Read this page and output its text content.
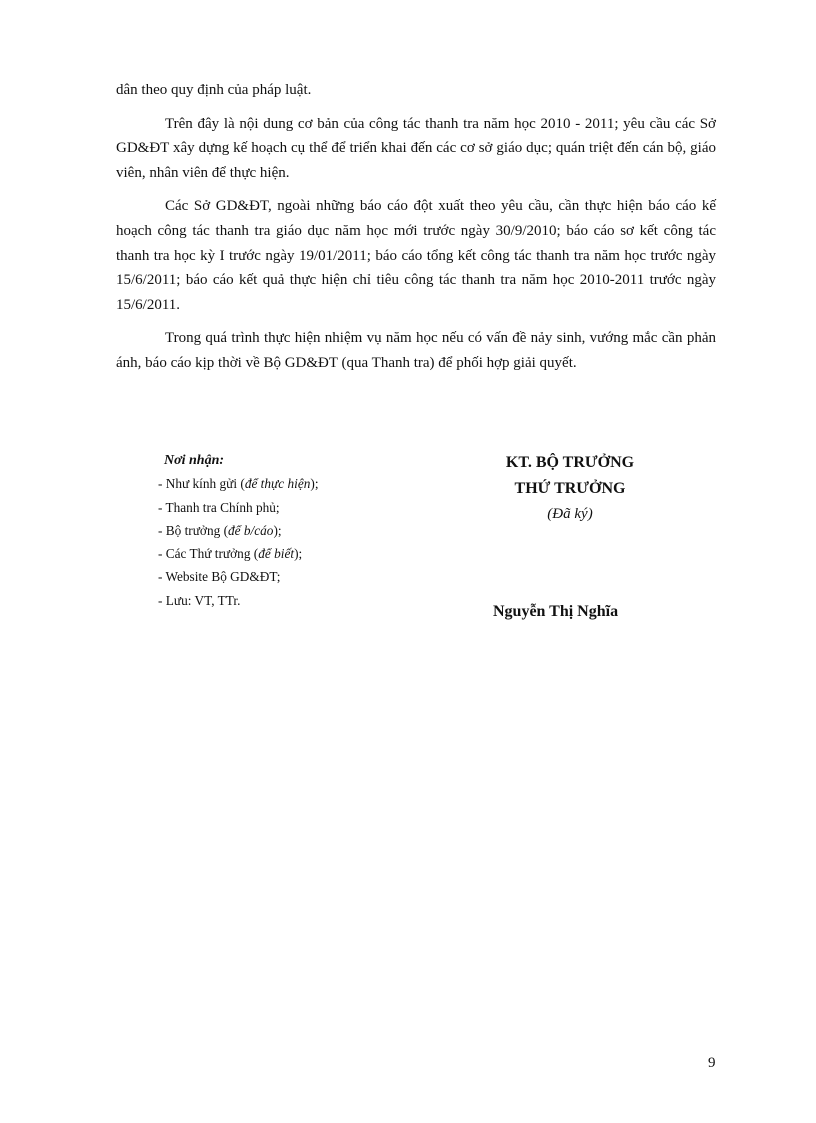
dân theo quy định của pháp luật.

Trên đây là nội dung cơ bản của công tác thanh tra năm học 2010 - 2011; yêu cầu các Sở GD&ĐT xây dựng kế hoạch cụ thể để triển khai đến các cơ sở giáo dục; quán triệt đến cán bộ, giáo viên, nhân viên để thực hiện.

Các Sở GD&ĐT, ngoài những báo cáo đột xuất theo yêu cầu, cần thực hiện báo cáo kế hoạch công tác thanh tra giáo dục năm học mới trước ngày 30/9/2010; báo cáo sơ kết công tác thanh tra học kỳ I trước ngày 19/01/2011; báo cáo tổng kết công tác thanh tra năm học trước ngày 15/6/2011; báo cáo kết quả thực hiện chỉ tiêu công tác thanh tra năm học 2010-2011 trước ngày 15/6/2011.

Trong quá trình thực hiện nhiệm vụ năm học nếu có vấn đề nảy sinh, vướng mắc cần phản ánh, báo cáo kịp thời về Bộ GD&ĐT (qua Thanh tra) để phối hợp giải quyết.

Nơi nhận:
- Như kính gửi (để thực hiện);
- Thanh tra Chính phủ;
- Bộ trưởng (để b/cáo);
- Các Thứ trưởng (để biết);
- Website Bộ GD&ĐT;
- Lưu: VT, TTr.
KT. BỘ TRƯỞNG
THỨ TRƯỞNG
(Đã ký)
Nguyễn Thị Nghĩa
9
